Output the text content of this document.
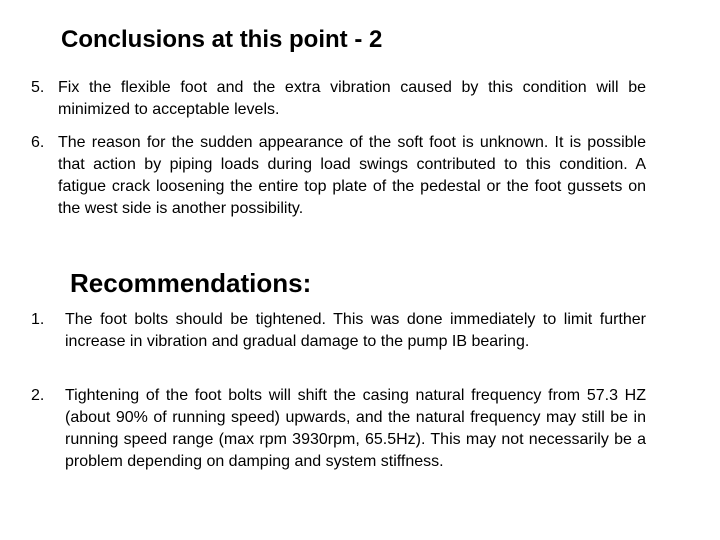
Conclusions at this point - 2
5. Fix the flexible foot and the extra vibration caused by this condition will be minimized to acceptable levels.

6. The reason for the sudden appearance of the soft foot is unknown. It is possible that action by piping loads during load swings contributed to this condition. A fatigue crack loosening the entire top plate of the pedestal or the foot gussets on the west side is another possibility.

Recommendations:
1. The foot bolts should be tightened. This was done immediately to limit further increase in vibration and gradual damage to the pump IB bearing.

2. Tightening of the foot bolts will shift the casing natural frequency from 57.3 HZ (about 90% of running speed) upwards, and the natural frequency may still be in running speed range (max rpm 3930rpm, 65.5Hz). This may not necessarily be a problem depending on damping and system stiffness.
